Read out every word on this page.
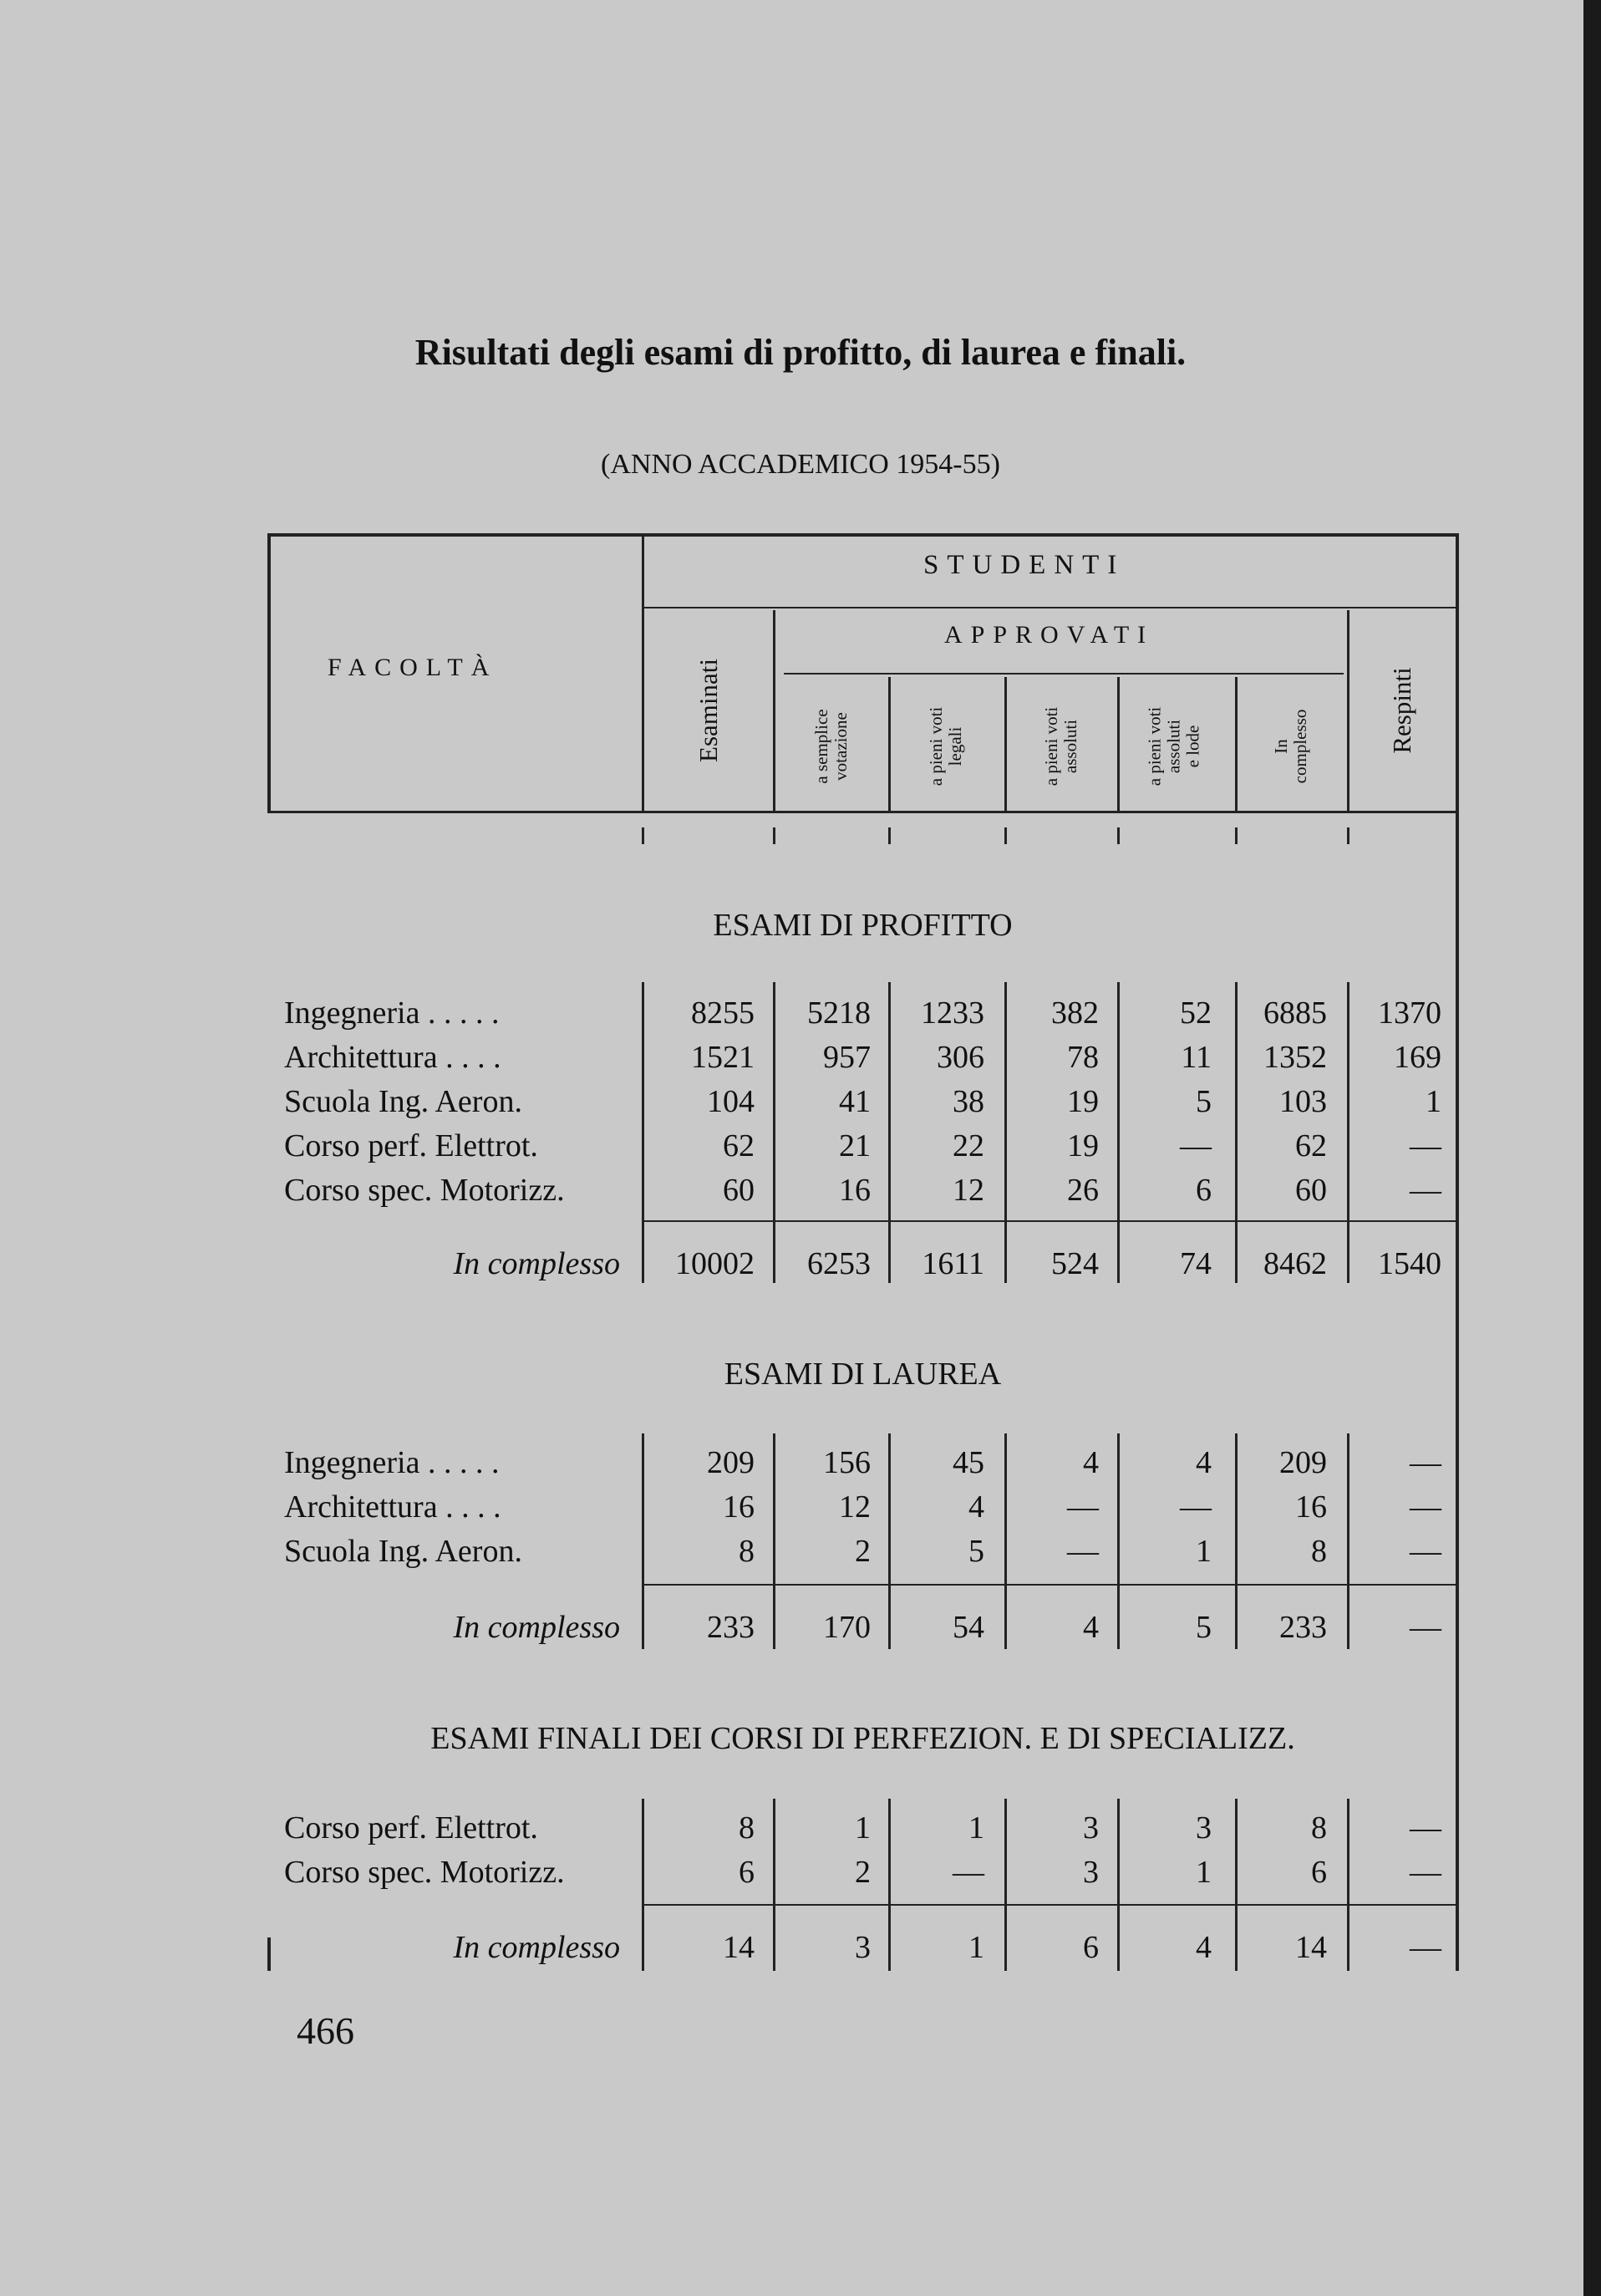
Risultati degli esami di profitto, di laurea e finali.
(ANNO ACCADEMICO 1954-55)
FACOLTÀ
STUDENTI
APPROVATI
Esaminati	a semplice votazione	a pieni voti legali	a pieni voti assoluti	a pieni voti assoluti e lode	In complesso	Respinti
ESAMI DI PROFITTO
Ingegneria . . . . .	8255	5218	1233	382	52	6885	1370
Architettura . . . .	1521	957	306	78	11	1352	169
Scuola Ing. Aeron.	104	41	38	19	5	103	1
Corso perf. Elettrot.	62	21	22	19	—	62	—
Corso spec. Motorizz.	60	16	12	26	6	60	—
In complesso	10002	6253	1611	524	74	8462	1540
ESAMI DI LAUREA
Ingegneria . . . . .	209	156	45	4	4	209	—
Architettura . . . .	16	12	4	—	—	16	—
Scuola Ing. Aeron.	8	2	5	—	1	8	—
In complesso	233	170	54	4	5	233	—
ESAMI FINALI DEI CORSI DI PERFEZION. E DI SPECIALIZZ.
Corso perf. Elettrot.	8	1	1	3	3	8	—
Corso spec. Motorizz.	6	2	—	3	1	6	—
In complesso	14	3	1	6	4	14	—
466
